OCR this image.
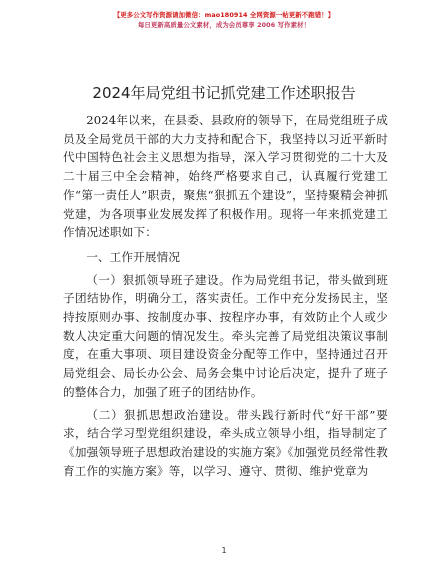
【更多公文写作资源请加微信：mao180914 全网资源一帖更新不跑错！】
每日更新高质量公文素材，成为会员尊享 2006 写作素材！
2024年局党组书记抓党建工作述职报告

2024年以来，在县委、县政府的领导下，在局党组班子成员及全局党员干部的大力支持和配合下，我坚持以习近平新时代中国特色社会主义思想为指导，深入学习贯彻党的二十大及二十届三中全会精神，始终严格要求自己，认真履行党建工作“第一责任人”职责，聚焦“狠抓五个建设”，坚持聚精会神抓党建，为各项事业发展发挥了积极作用。现将一年来抓党建工作情况述职如下：

一、工作开展情况

（一）狠抓领导班子建设。作为局党组书记，带头做到班子团结协作，明确分工，落实责任。工作中充分发扬民主，坚持按原则办事、按制度办事、按程序办事，有效防止个人或少数人决定重大问题的情况发生。牵头完善了局党组决策议事制度，在重大事项、项目建设资金分配等工作中，坚持通过召开局党组会、局长办公会、局务会集中讨论后决定，提升了班子的整体合力，加强了班子的团结协作。

（二）狠抓思想政治建设。带头践行新时代“好干部”要求，结合学习型党组织建设，牵头成立领导小组，指导制定了《加强领导班子思想政治建设的实施方案》《加强党员经常性教育工作的实施方案》等，以学习、遵守、贯彻、维护党章为

1
